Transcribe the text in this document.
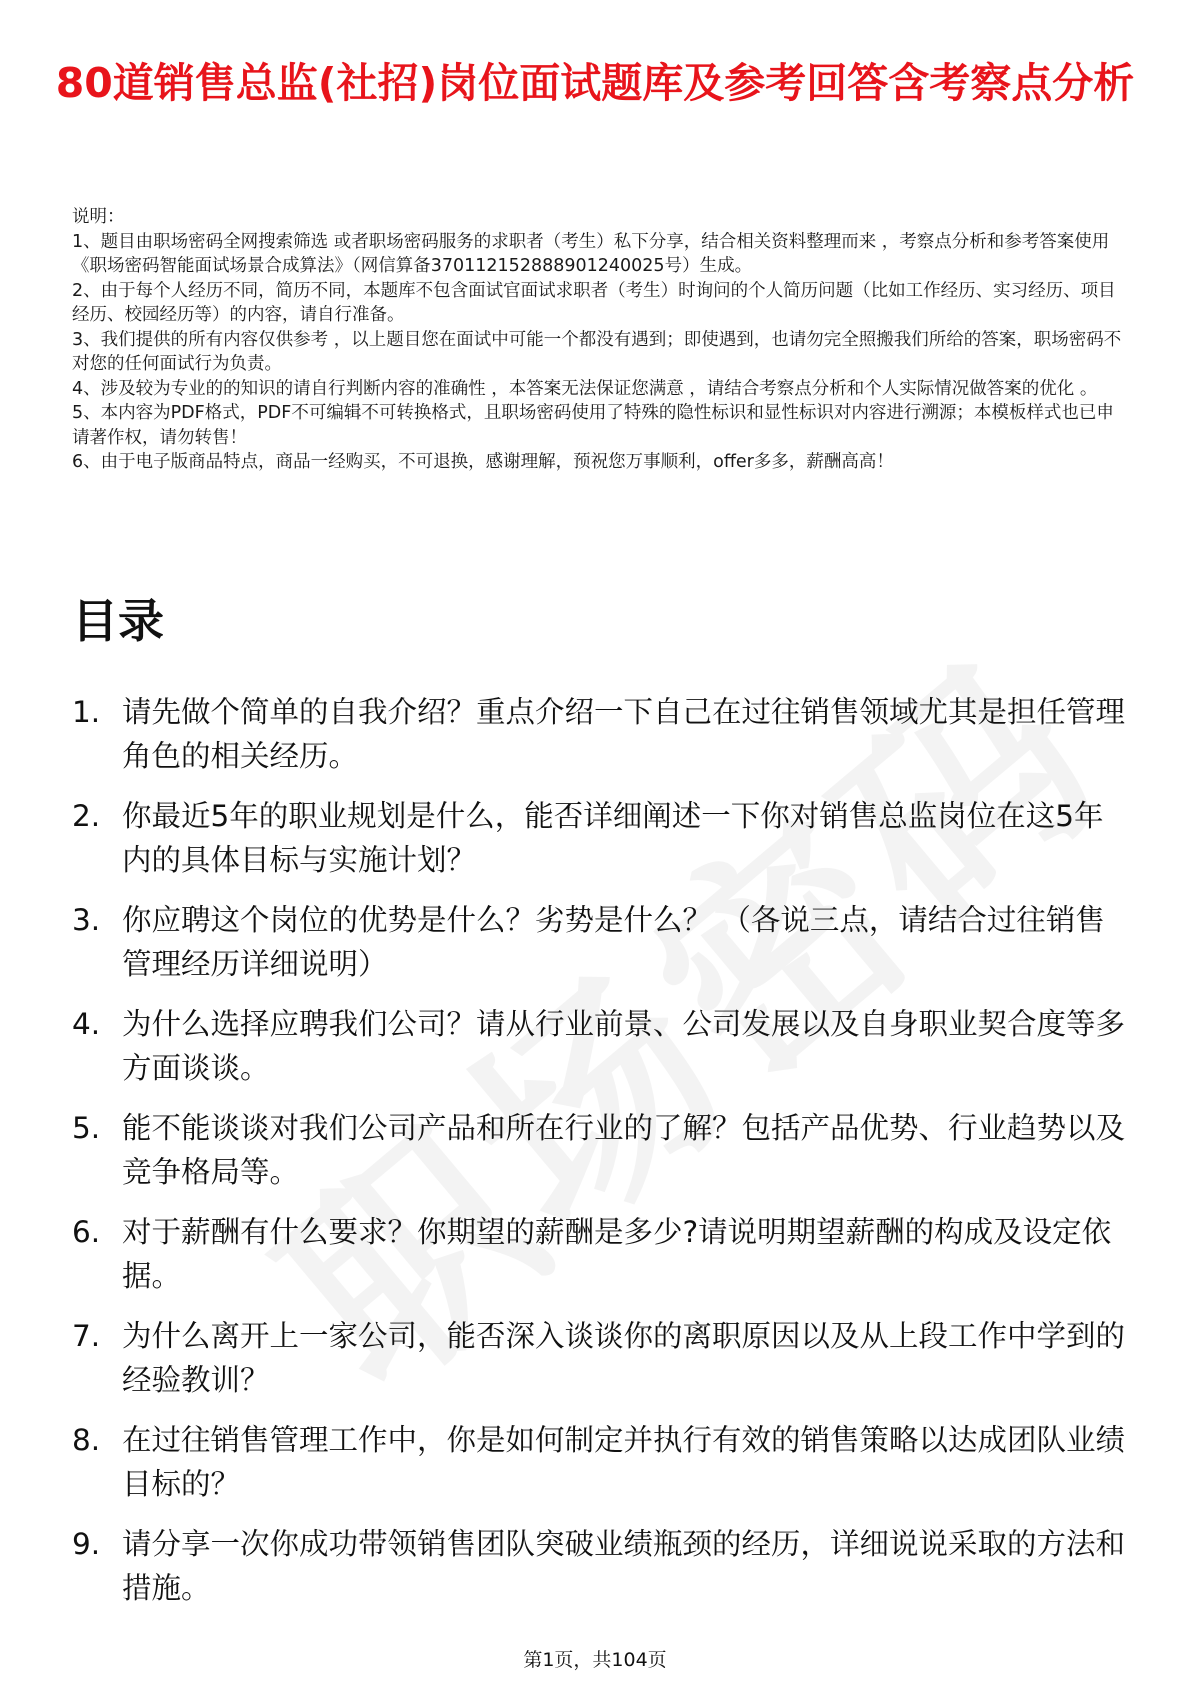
80道销售总监(社招)岗位面试题库及参考回答含考察点分析

说明：

1、题目由职场密码全网搜索筛选 或者职场密码服务的求职者（考生）私下分享，结合相关资料整理而来 ，考察点分析和参考答案使用《职场密码智能面试场景合成算法》（网信算备370112152888901240025号）生成。

2、由于每个人经历不同，简历不同，本题库不包含面试官面试求职者（考生）时询问的个人简历问题（比如工作经历、实习经历、项目经历、校园经历等）的内容，请自行准备。

3、我们提供的所有内容仅供参考 ，以上题目您在面试中可能一个都没有遇到；即使遇到，也请勿完全照搬我们所给的答案，职场密码不对您的任何面试行为负责。

4、涉及较为专业的的知识的请自行判断内容的准确性 ，本答案无法保证您满意 ，请结合考察点分析和个人实际情况做答案的优化 。

5、本内容为PDF格式，PDF不可编辑不可转换格式，且职场密码使用了特殊的隐性标识和显性标识对内容进行溯源；本模板样式也已申请著作权，请勿转售！

6、由于电子版商品特点，商品一经购买，不可退换，感谢理解，预祝您万事顺利，offer多多，薪酬高高！

目录
1. 请先做个简单的自我介绍？重点介绍一下自己在过往销售领域尤其是担任管理角色的相关经历。
2. 你最近5年的职业规划是什么，能否详细阐述一下你对销售总监岗位在这5年内的具体目标与实施计划？
3. 你应聘这个岗位的优势是什么？劣势是什么？ （各说三点，请结合过往销售管理经历详细说明）
4. 为什么选择应聘我们公司？请从行业前景、公司发展以及自身职业契合度等多方面谈谈。
5. 能不能谈谈对我们公司产品和所在行业的了解？包括产品优势、行业趋势以及竞争格局等。
6. 对于薪酬有什么要求？你期望的薪酬是多少?请说明期望薪酬的构成及设定依据。
7. 为什么离开上一家公司，能否深入谈谈你的离职原因以及从上段工作中学到的经验教训？
8. 在过往销售管理工作中，你是如何制定并执行有效的销售策略以达成团队业绩目标的？
9. 请分享一次你成功带领销售团队突破业绩瓶颈的经历，详细说说采取的方法和措施。
第1页，共104页
